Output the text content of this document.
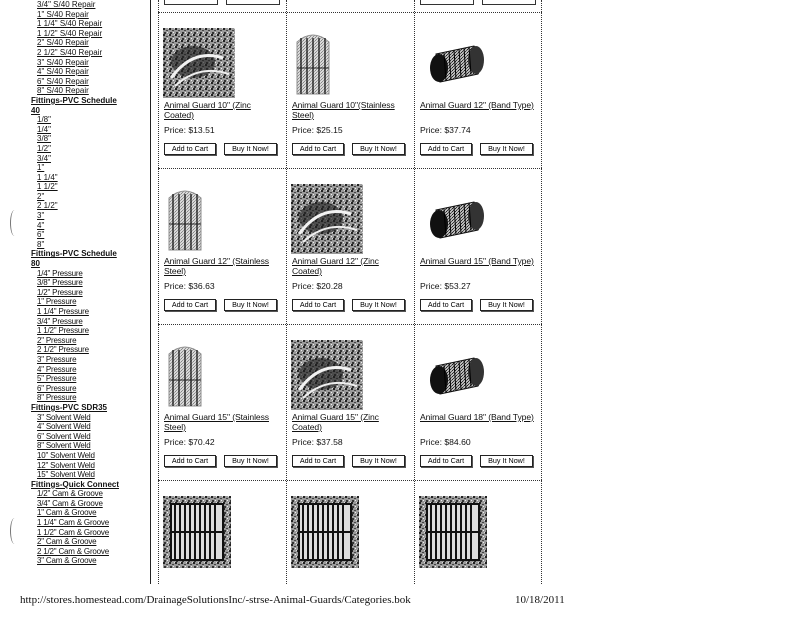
3/4" S/40 Repair
1" S/40 Repair
1 1/4" S/40 Repair
1 1/2" S/40 Repair
2" S/40 Repair
2 1/2" S/40 Repair
3" S/40 Repair
4" S/40 Repair
6" S/40 Repair
8" S/40 Repair
Fittings-PVC Schedule
40
1/8"
1/4"
3/8"
1/2"
3/4"
1"
1 1/4"
1 1/2"
2"
2 1/2"
3"
4"
6"
8"
Fittings-PVC Schedule
80
1/4" Pressure
3/8" Pressure
1/2" Pressure
1" Pressure
1 1/4" Pressure
3/4" Pressure
1 1/2" Pressure
2" Pressure
2 1/2" Pressure
3" Pressure
4" Pressure
5" Pressure
6" Pressure
8" Pressure
Fittings-PVC SDR35
3" Solvent Weld
4" Solvent Weld
6" Solvent Weld
8" Solvent Weld
10" Solvent Weld
12" Solvent Weld
15" Solvent Weld
Fittings-Quick Connect
1/2" Cam & Groove
3/4" Cam & Groove
1" Cam & Groove
1 1/4" Cam & Groove
1 1/2" Cam & Groove
2" Cam & Groove
2 1/2" Cam & Groove
3" Cam & Groove
Animal Guard 10" (Zinc Coated)
Price: $13.51
Add to Cart	Buy It Now!
Animal Guard 10"(Stainless Steel)
Price: $25.15
Add to Cart	Buy It Now!
Animal Guard 12" (Band Type)
Price: $37.74
Add to Cart	Buy It Now!
Animal Guard 12" (Stainless Steel)
Price: $36.63
Add to Cart	Buy It Now!
Animal Guard 12" (Zinc Coated)
Price: $20.28
Add to Cart	Buy It Now!
Animal Guard 15" (Band Type)
Price: $53.27
Add to Cart	Buy It Now!
Animal Guard 15" (Stainless Steel)
Price: $70.42
Add to Cart	Buy It Now!
Animal Guard 15" (Zinc Coated)
Price: $37.58
Add to Cart	Buy It Now!
Animal Guard 18" (Band Type)
Price: $84.60
Add to Cart	Buy It Now!
http://stores.homestead.com/DrainageSolutionsInc/-strse-Animal-Guards/Categories.bok	10/18/2011
